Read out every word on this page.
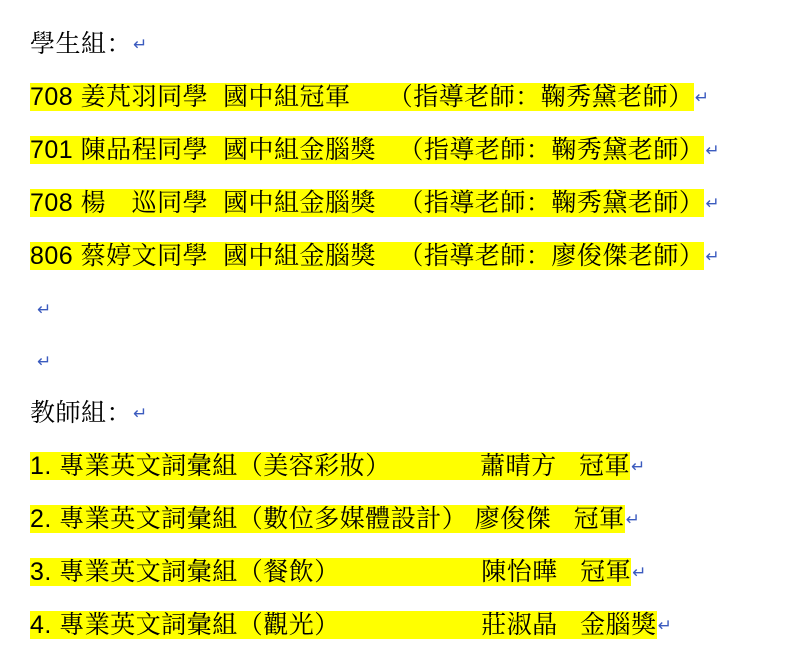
學生組：↵
708 姜芃羽同學  國中組冠軍     （指導老師：鞠秀黛老師）↵
701 陳品程同學  國中組金腦獎   （指導老師：鞠秀黛老師）↵
708 楊　巡同學  國中組金腦獎   （指導老師：鞠秀黛老師）↵
806 蔡婷文同學  國中組金腦獎   （指導老師：廖俊傑老師）↵
↵
↵
教師組：↵
1. 專業英文詞彙組（美容彩妝）            蕭晴方   冠軍↵
2. 專業英文詞彙組（數位多媒體設計） 廖俊傑   冠軍↵
3. 專業英文詞彙組（餐飲）                   陳怡曄   冠軍↵
4. 專業英文詞彙組（觀光）                   莊淑晶   金腦獎↵
